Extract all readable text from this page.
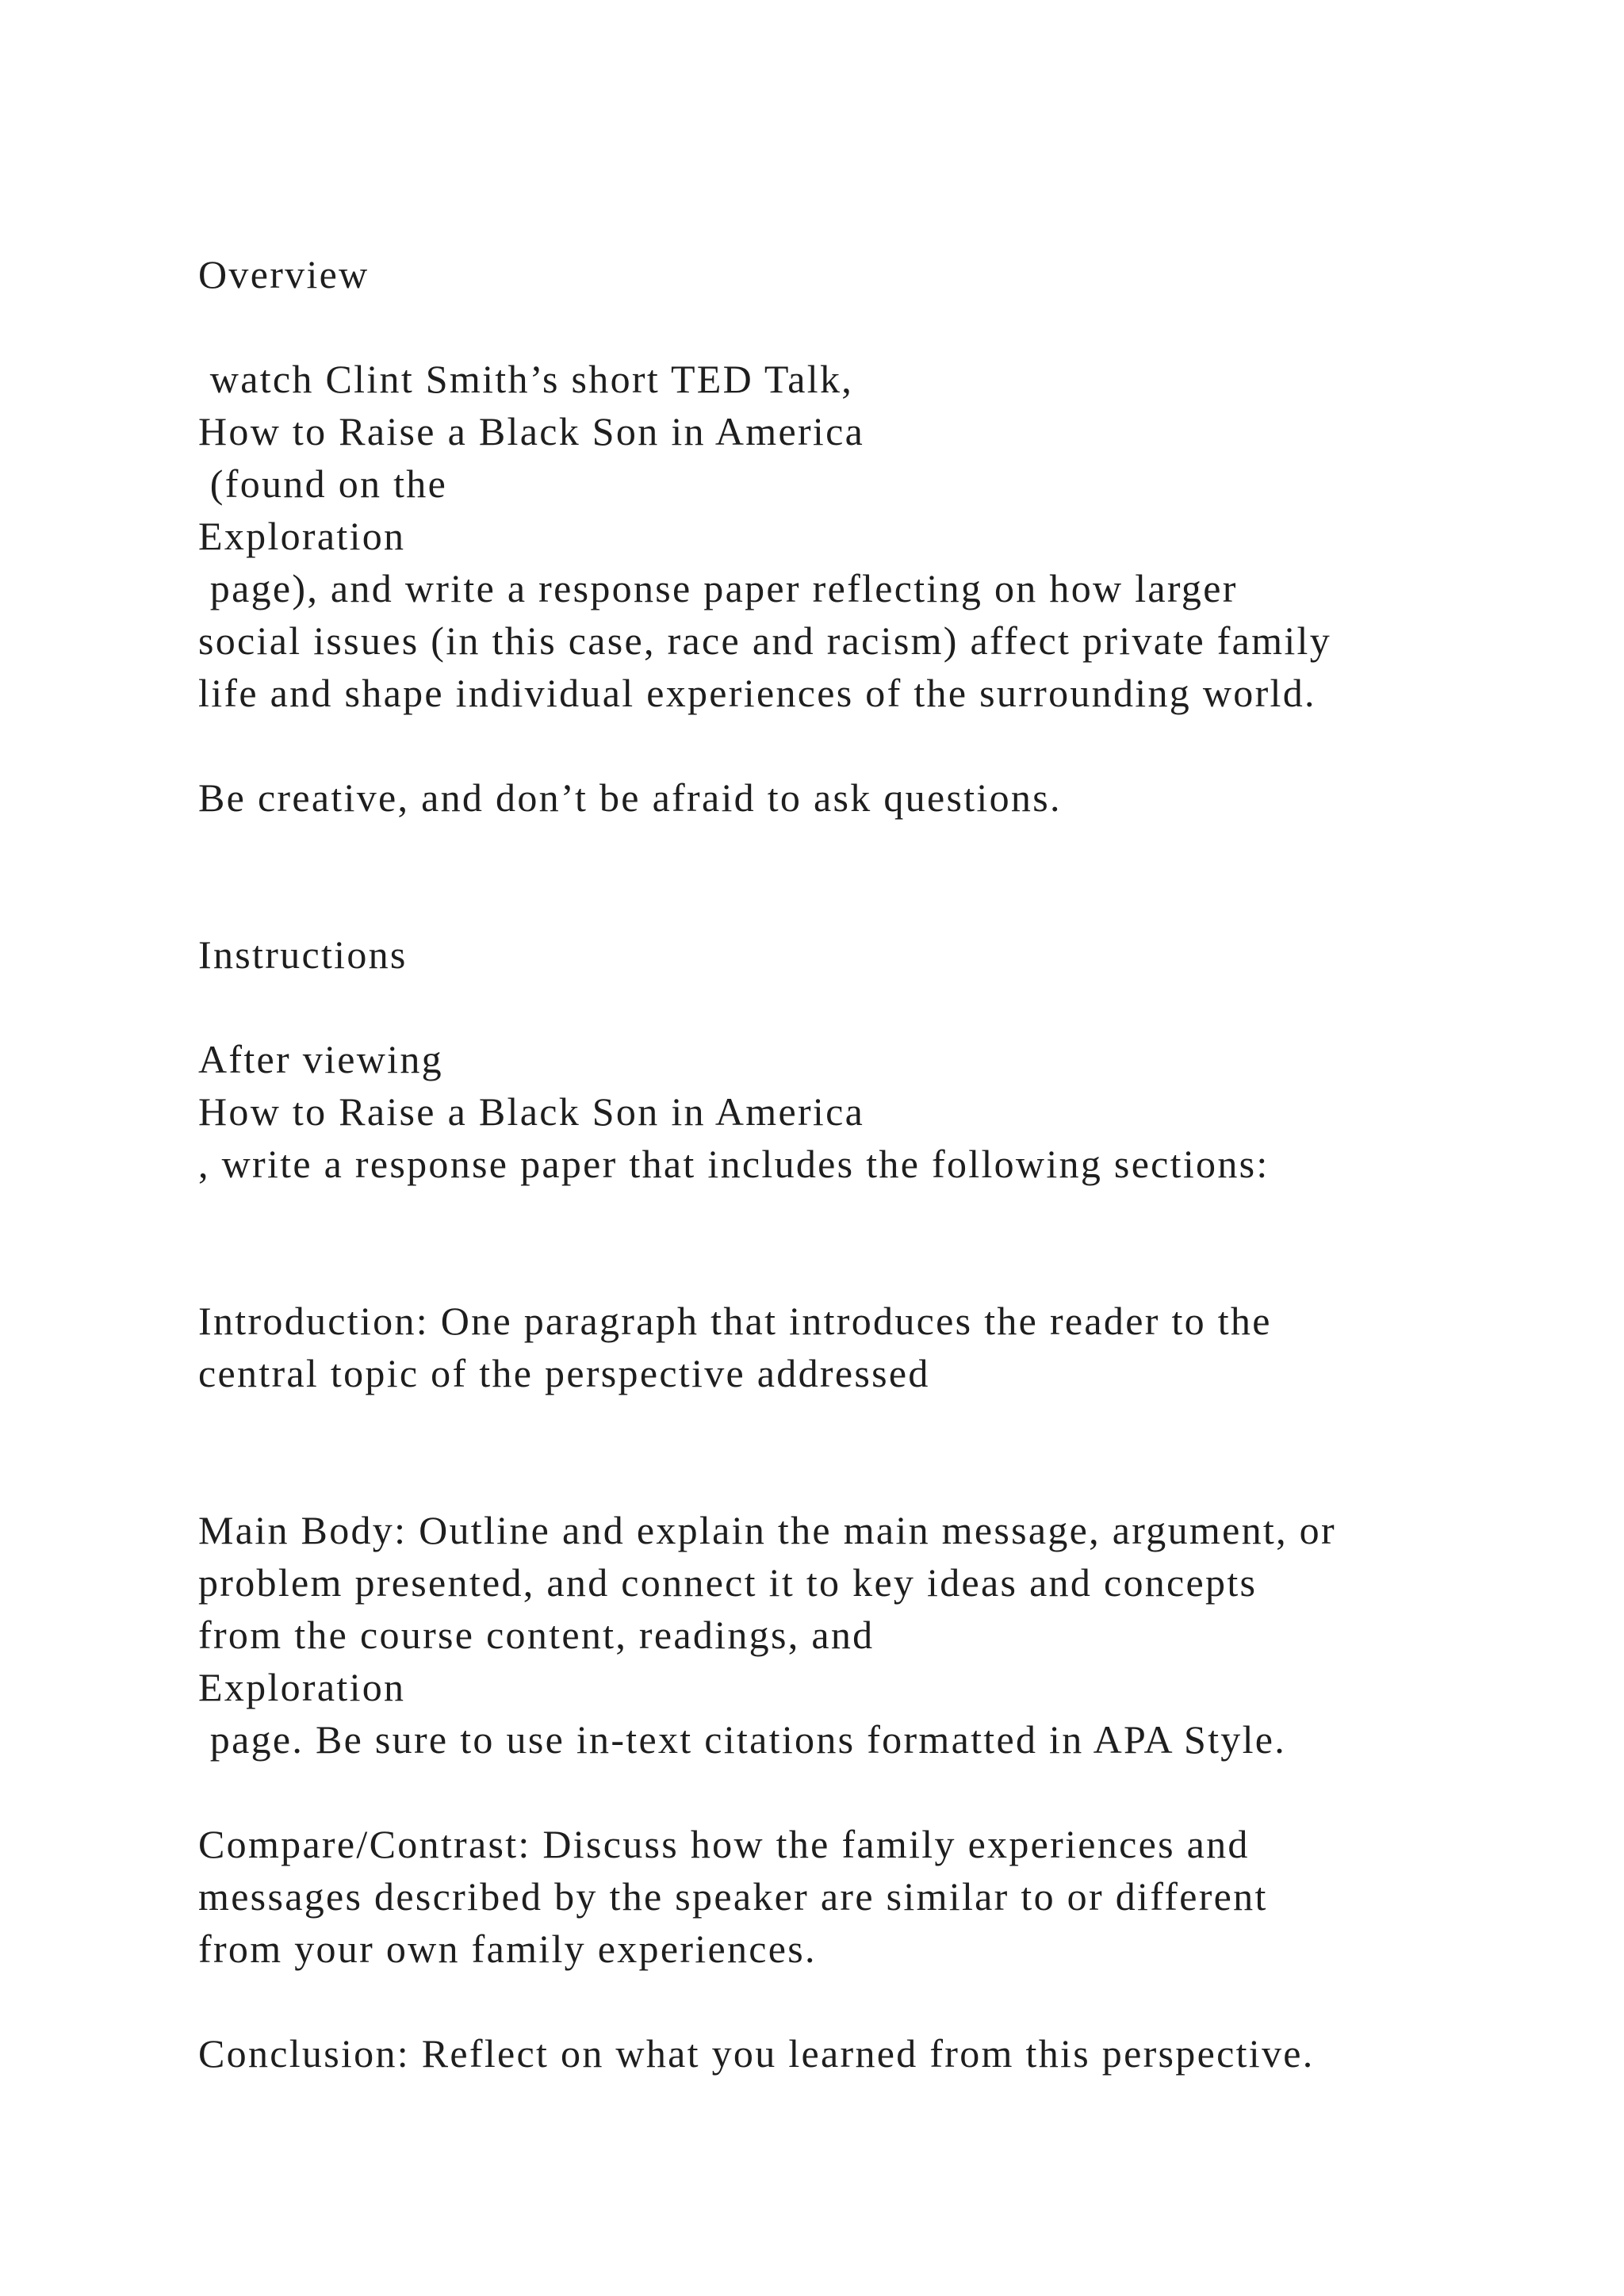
Overview

watch Clint Smith’s short TED Talk,

How to Raise a Black Son in America

(found on the

Exploration

page), and write a response paper reflecting on how larger

social issues (in this case, race and racism) affect private family

life and shape individual experiences of the surrounding world.

Be creative, and don’t be afraid to ask questions.

Instructions

After viewing

How to Raise a Black Son in America

, write a response paper that includes the following sections:

Introduction: One paragraph that introduces the reader to the

central topic of the perspective addressed

Main Body: Outline and explain the main message, argument, or

problem presented, and connect it to key ideas and concepts

from the course content, readings, and

Exploration

page. Be sure to use in-text citations formatted in APA Style.

Compare/Contrast: Discuss how the family experiences and

messages described by the speaker are similar to or different

from your own family experiences.

Conclusion: Reflect on what you learned from this perspective.
